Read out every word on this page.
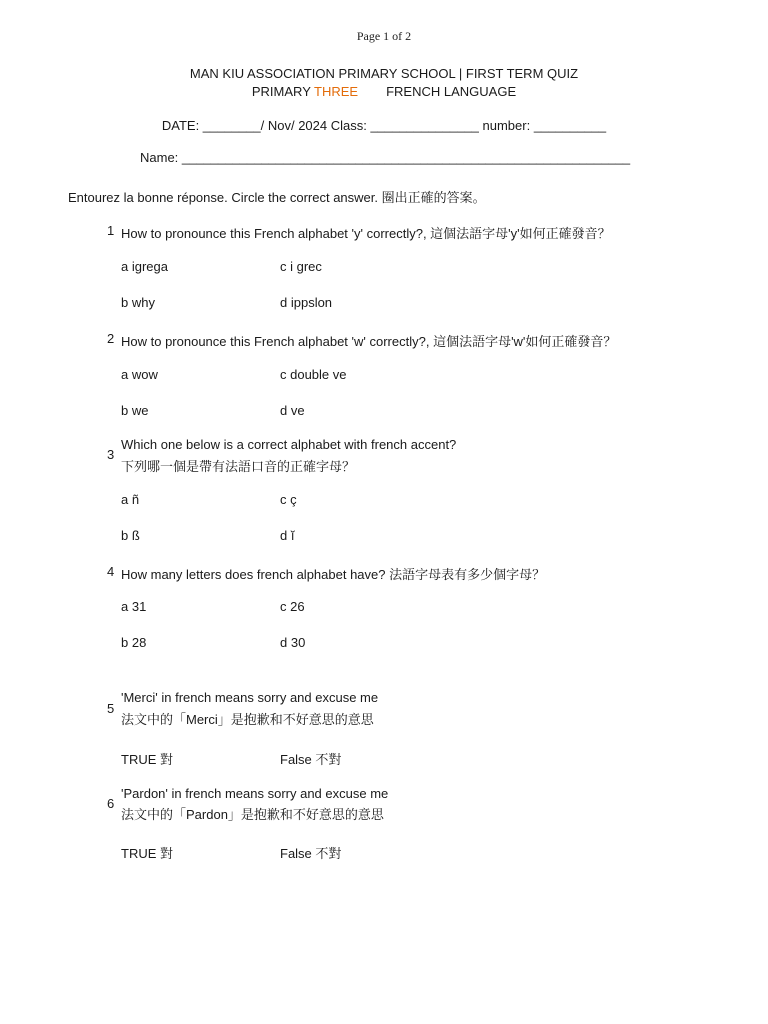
Page 1 of 2
MAN KIU ASSOCIATION PRIMARY SCHOOL | FIRST TERM QUIZ
PRIMARY THREE FRENCH LANGUAGE
DATE: ________/ Nov/ 2024 Class: _______________ number: __________
Name: ______________________________________________________________
Entourez la bonne réponse. Circle the correct answer. 圈出正確的答案。
1 How to pronounce this French alphabet 'y' correctly?, 這個法語字母'y'如何正確發音？
a igrega	c i grec
b why	d ippslon
2 How to pronounce this French alphabet 'w' correctly?, 這個法語字母'w'如何正確發音？
a wow	c double ve
b we	d ve
3
Which one below is a correct alphabet with french accent?
下列哪一個是帶有法語口音的正確字母？
a ñ	c ç
b ß	d ĭ
4 How many letters does french alphabet have? 法語字母表有多少個字母？
a 31	c 26
b 28	d 30
5
'Merci' in french means sorry and excuse me
法文中的「Merci」是抱歉和不好意思的意思
TRUE 對	False 不對
6
'Pardon' in french means sorry and excuse me
法文中的「Pardon」是抱歉和不好意思的意思
TRUE 對	False 不對
